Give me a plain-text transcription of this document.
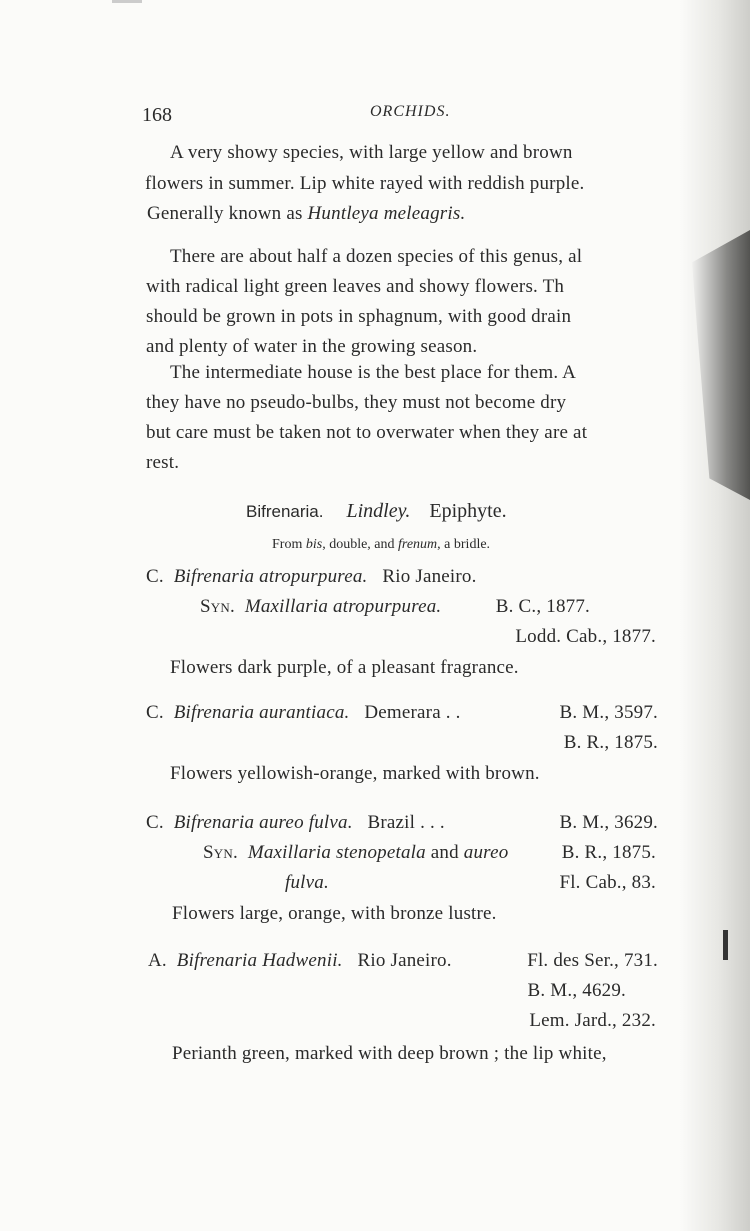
168	ORCHIDS.
A very showy species, with large yellow and brown
flowers in summer. Lip white rayed with reddish purple.
Generally known as Huntleya meleagris.
There are about half a dozen species of this genus, al
with radical light green leaves and showy flowers. Th
should be grown in pots in sphagnum, with good drain
and plenty of water in the growing season.
The intermediate house is the best place for them. A
they have no pseudo-bulbs, they must not become dry
but care must be taken not to overwater when they are at
rest.
Bifrenaria. Lindley. Epiphyte.
From bis, double, and frenum, a bridle.
C. Bifrenaria atropurpurea. Rio Janeiro.
Syn. Maxillaria atropurpurea.	B. C., 1877.
Lodd. Cab., 1877.
Flowers dark purple, of a pleasant fragrance.
C. Bifrenaria aurantiaca. Demerara . .	B. M., 3597.
B. R., 1875.
Flowers yellowish-orange, marked with brown.
C. Bifrenaria aureo fulva. Brazil . . .	B. M., 3629.
Syn. Maxillaria stenopetala and aureo	B. R., 1875.
fulva.	Fl. Cab., 83.
Flowers large, orange, with bronze lustre.
A. Bifrenaria Hadwenii. Rio Janeiro.	Fl. des Ser., 731.
B. M., 4629.
Lem. Jard., 232.
Perianth green, marked with deep brown ; the lip white,
